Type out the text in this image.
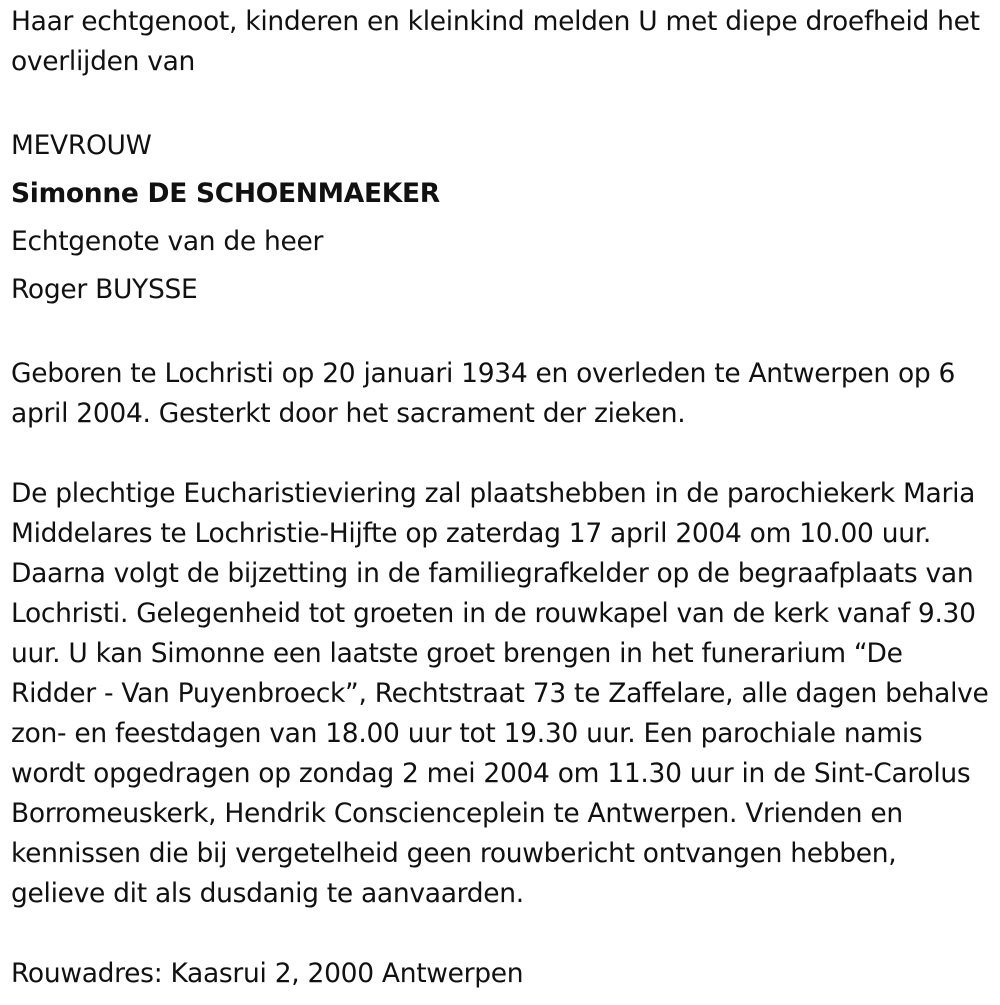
Haar echtgenoot, kinderen en kleinkind melden U met diepe droefheid het overlijden van

MEVROUW

Simonne DE SCHOENMAEKER

Echtgenote van de heer

Roger BUYSSE

Geboren te Lochristi op 20 januari 1934 en overleden te Antwerpen op 6 april 2004. Gesterkt door het sacrament der zieken.

De plechtige Eucharistieviering zal plaatshebben in de parochiekerk Maria Middelares te Lochristie-Hijfte op zaterdag 17 april 2004 om 10.00 uur. Daarna volgt de bijzetting in de familiegrafkelder op de begraafplaats van Lochristi. Gelegenheid tot groeten in de rouwkapel van de kerk vanaf 9.30 uur. U kan Simonne een laatste groet brengen in het funerarium “De Ridder - Van Puyenbroeck”, Rechtstraat 73 te Zaffelare, alle dagen behalve zon- en feestdagen van 18.00 uur tot 19.30 uur. Een parochiale namis wordt opgedragen op zondag 2 mei 2004 om 11.30 uur in de Sint-Carolus Borromeuskerk, Hendrik Conscienceplein te Antwerpen. Vrienden en kennissen die bij vergetelheid geen rouwbericht ontvangen hebben, gelieve dit als dusdanig te aanvaarden.

Rouwadres: Kaasrui 2, 2000 Antwerpen
